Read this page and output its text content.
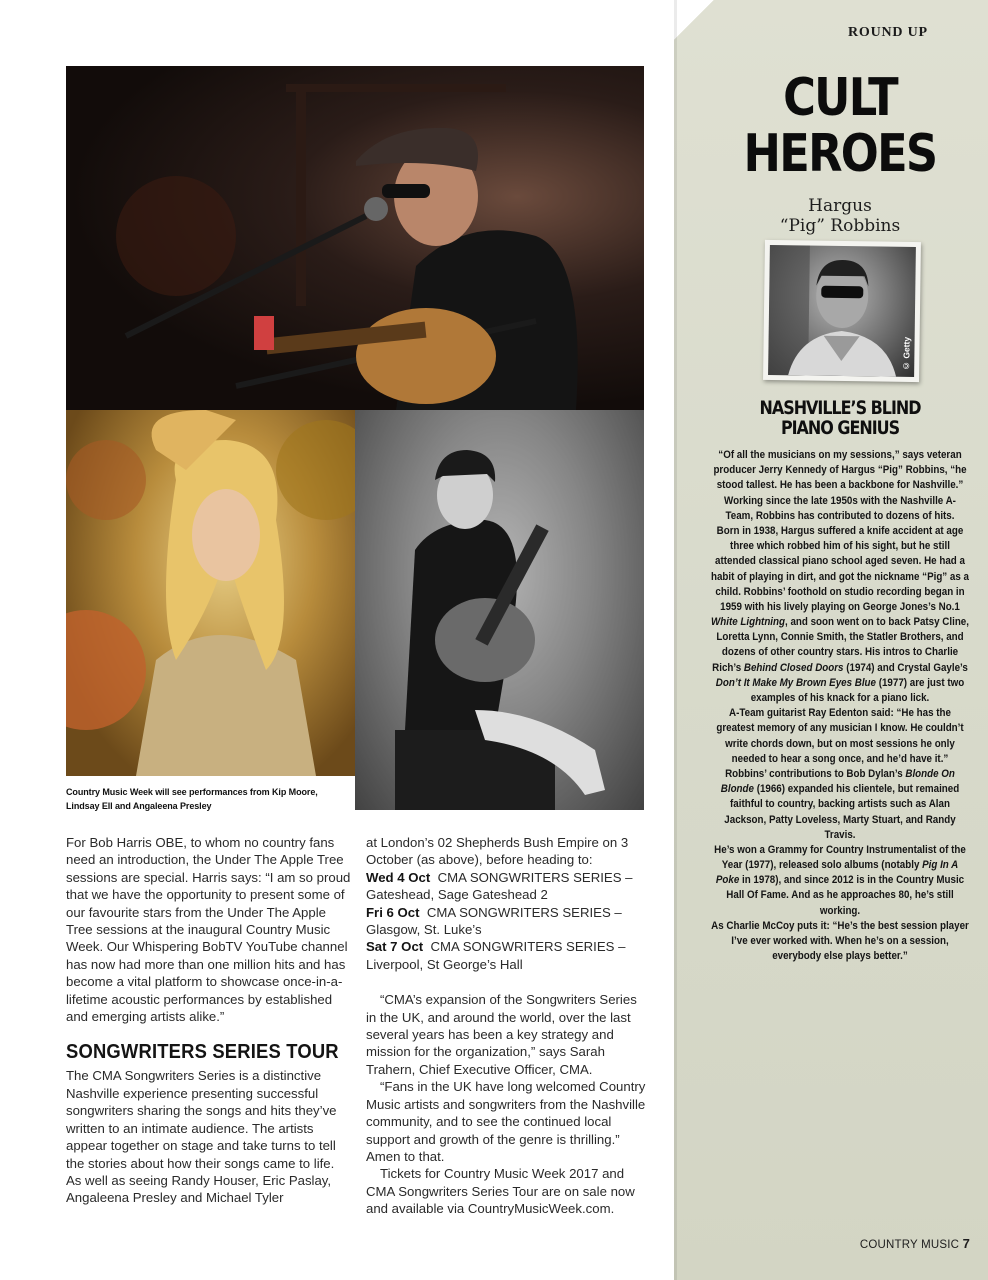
Country Music Week will see performances from Kip Moore, Lindsay Ell and Angaleena Presley

For Bob Harris OBE, to whom no country fans need an introduction, the Under The Apple Tree sessions are special. Harris says: “I am so proud that we have the opportunity to present some of our favourite stars from the Under The Apple Tree sessions at the inaugural Country Music Week. Our Whispering BobTV YouTube channel has now had more than one million hits and has become a vital platform to showcase once-in-a-lifetime acoustic performances by established and emerging artists alike.”

SONGWRITERS SERIES TOUR

The CMA Songwriters Series is a distinctive Nashville experience presenting successful songwriters sharing the songs and hits they’ve written to an intimate audience. The artists appear together on stage and take turns to tell the stories about how their songs came to life. As well as seeing Randy Houser, Eric Paslay, Angaleena Presley and Michael Tyler

at London’s 02 Shepherds Bush Empire on 3 October (as above), before heading to:

Wed 4 Oct CMA SONGWRITERS SERIES – Gateshead, Sage Gateshead 2

Fri 6 Oct CMA SONGWRITERS SERIES – Glasgow, St. Luke’s

Sat 7 Oct CMA SONGWRITERS SERIES – Liverpool, St George’s Hall

“CMA’s expansion of the Songwriters Series in the UK, and around the world, over the last several years has been a key strategy and mission for the organization,” says Sarah Trahern, Chief Executive Officer, CMA.

“Fans in the UK have long welcomed Country Music artists and songwriters from the Nashville community, and to see the continued local support and growth of the genre is thrilling.” Amen to that.

Tickets for Country Music Week 2017 and CMA Songwriters Series Tour are on sale now and available via CountryMusicWeek.com.

ROUND UP
CULT
HEROES
Hargus
“Pig” Robbins
© Getty
NASHVILLE’S BLIND
PIANO GENIUS

“Of all the musicians on my sessions,” says veteran producer Jerry Kennedy of Hargus “Pig” Robbins, “he stood tallest. He has been a backbone for Nashville.” Working since the late 1950s with the Nashville A-Team, Robbins has contributed to dozens of hits.

Born in 1938, Hargus suffered a knife accident at age three which robbed him of his sight, but he still attended classical piano school aged seven. He had a habit of playing in dirt, and got the nickname “Pig” as a child. Robbins’ foothold on studio recording began in 1959 with his lively playing on George Jones’s No.1 White Lightning, and soon went on to back Patsy Cline, Loretta Lynn, Connie Smith, the Statler Brothers, and dozens of other country stars. His intros to Charlie Rich’s Behind Closed Doors (1974) and Crystal Gayle’s Don’t It Make My Brown Eyes Blue (1977) are just two examples of his knack for a piano lick.

A-Team guitarist Ray Edenton said: “He has the greatest memory of any musician I know. He couldn’t write chords down, but on most sessions he only needed to hear a song once, and he’d have it.”

Robbins’ contributions to Bob Dylan’s Blonde On Blonde (1966) expanded his clientele, but remained faithful to country, backing artists such as Alan Jackson, Patty Loveless, Marty Stuart, and Randy Travis.

He’s won a Grammy for Country Instrumentalist of the Year (1977), released solo albums (notably Pig In A Poke in 1978), and since 2012 is in the Country Music Hall Of Fame. And as he approaches 80, he’s still working.

As Charlie McCoy puts it: “He’s the best session player I’ve ever worked with. When he’s on a session, everybody else plays better.”

COUNTRY MUSIC 7
